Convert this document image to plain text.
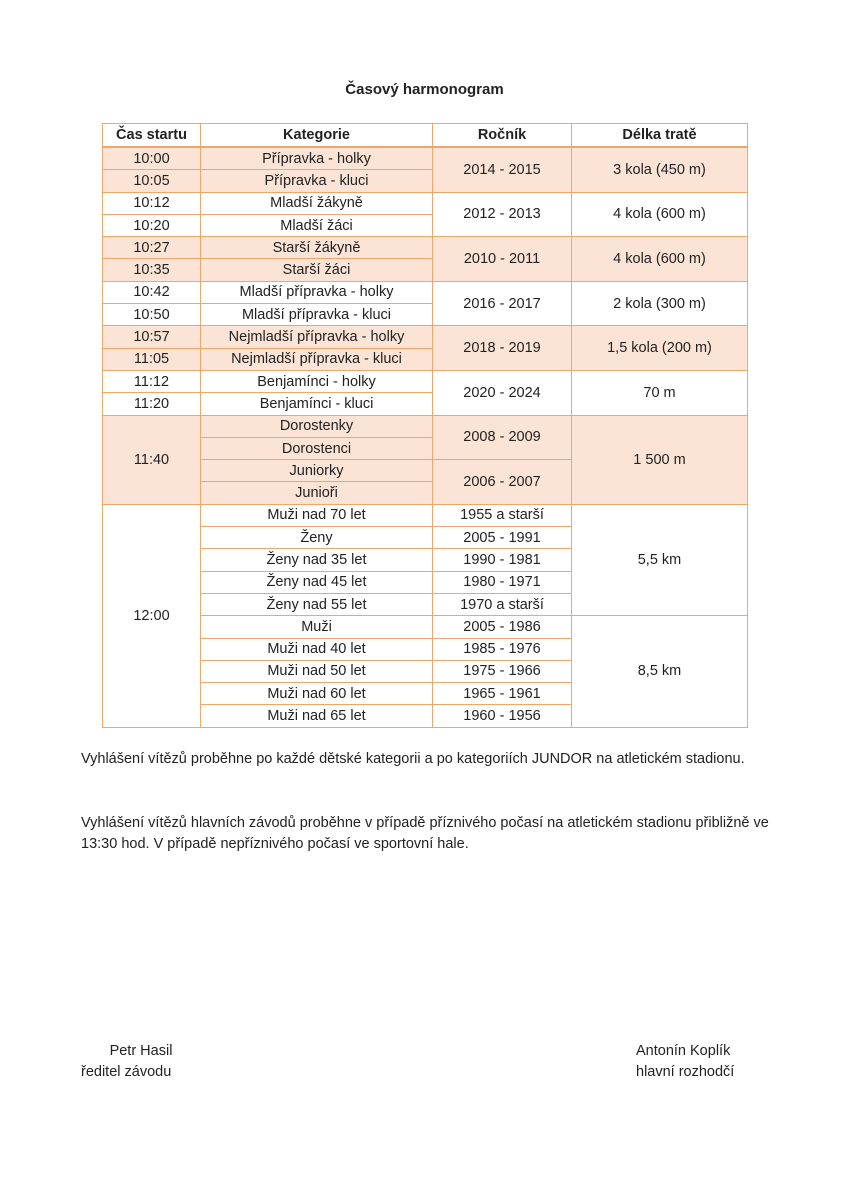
Časový harmonogram
Čas startu	Kategorie	Ročník	Délka tratě
10:00	Přípravka - holky	2014 - 2015	3 kola (450 m)
10:05	Přípravka - kluci		
10:12	Mladší žákyně	2012 - 2013	4 kola (600 m)
10:20	Mladší žáci		
10:27	Starší žákyně	2010 - 2011	4 kola (600 m)
10:35	Starší žáci		
10:42	Mladší přípravka - holky	2016 - 2017	2 kola (300 m)
10:50	Mladší přípravka - kluci		
10:57	Nejmladší přípravka - holky	2018 - 2019	1,5 kola (200 m)
11:05	Nejmladší přípravka - kluci		
11:12	Benjamínci - holky	2020 - 2024	70 m
11:20	Benjamínci - kluci		
11:40	Dorostenky	2008 - 2009	1 500 m
	Dorostenci		
	Juniorky	2006 - 2007	
	Junioři		
12:00	Muži nad 70 let	1955 a starší	5,5 km
	Ženy	2005 - 1991	
	Ženy nad 35 let	1990 - 1981	
	Ženy nad 45 let	1980 - 1971	
	Ženy nad 55 let	1970 a starší	
	Muži	2005 - 1986	8,5 km
	Muži nad 40 let	1985 - 1976	
	Muži nad 50 let	1975 - 1966	
	Muži nad 60 let	1965 - 1961	
	Muži nad 65 let	1960 - 1956	
Vyhlášení vítězů proběhne po každé dětské kategorii a po kategoriích JUNDOR na atletickém stadionu.
Vyhlášení vítězů hlavních závodů proběhne v případě příznivého počasí na atletickém stadionu přibližně ve 13:30 hod. V případě nepříznivého počasí ve sportovní hale.
Petr Hasil
ředitel závodu
Antonín Koplík
hlavní rozhodčí
